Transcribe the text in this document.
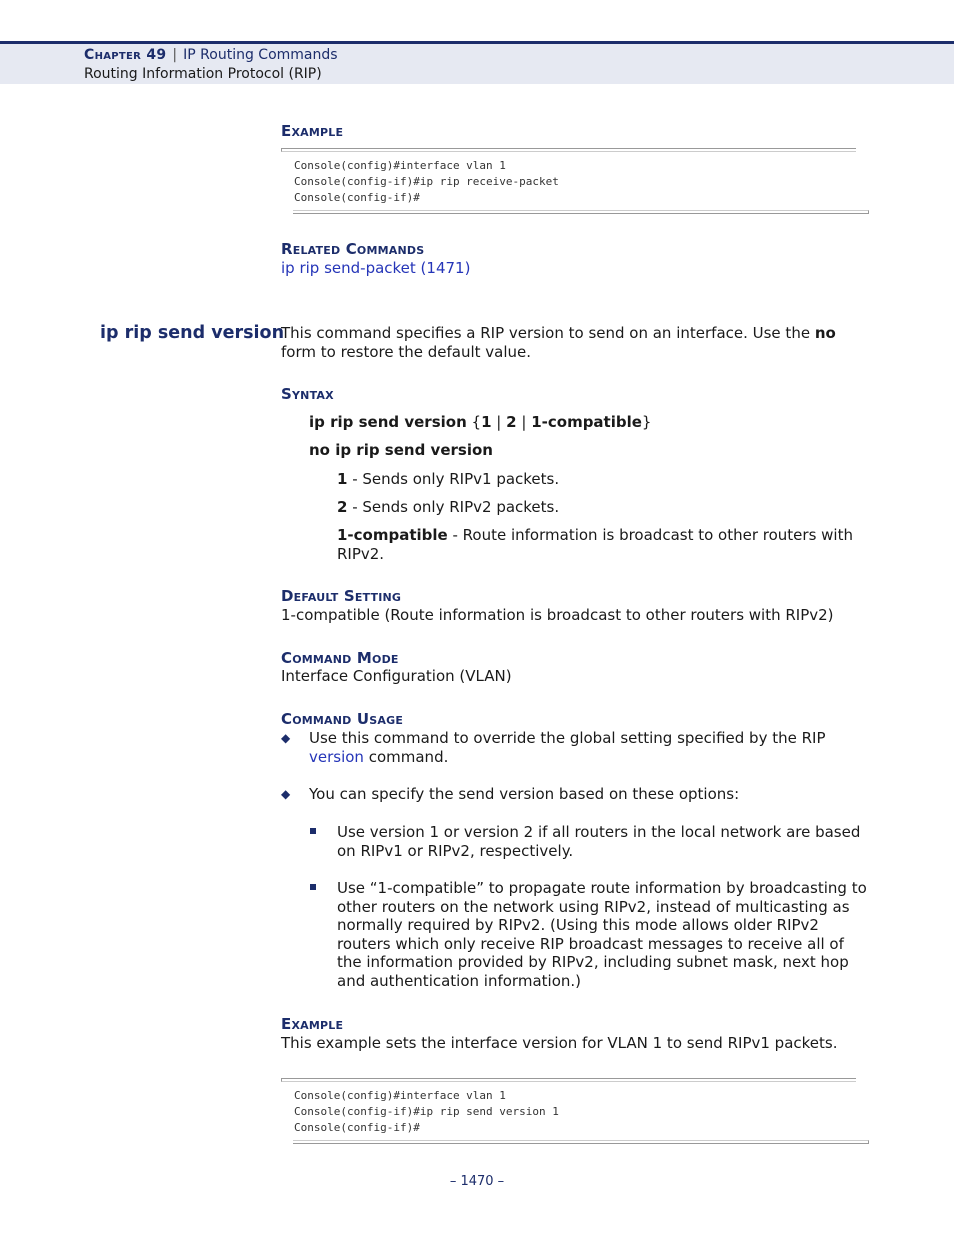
Chapter 49 | IP Routing Commands
Routing Information Protocol (RIP)
Example
Console(config)#interface vlan 1
Console(config-if)#ip rip receive-packet
Console(config-if)#
Related Commands
ip rip send-packet (1471)
ip rip send version
This command specifies a RIP version to send on an interface. Use the no form to restore the default value.
Syntax
ip rip send version {1 | 2 | 1-compatible}
no ip rip send version
1 - Sends only RIPv1 packets.
2 - Sends only RIPv2 packets.
1-compatible - Route information is broadcast to other routers with RIPv2.
Default Setting
1-compatible (Route information is broadcast to other routers with RIPv2)
Command Mode
Interface Configuration (VLAN)
Command Usage
◆ Use this command to override the global setting specified by the RIP version command.
◆ You can specify the send version based on these options:
Use version 1 or version 2 if all routers in the local network are based on RIPv1 or RIPv2, respectively.
Use “1-compatible” to propagate route information by broadcasting to other routers on the network using RIPv2, instead of multicasting as normally required by RIPv2. (Using this mode allows older RIPv2 routers which only receive RIP broadcast messages to receive all of the information provided by RIPv2, including subnet mask, next hop and authentication information.)
Example
This example sets the interface version for VLAN 1 to send RIPv1 packets.
Console(config)#interface vlan 1
Console(config-if)#ip rip send version 1
Console(config-if)#
– 1470 –
